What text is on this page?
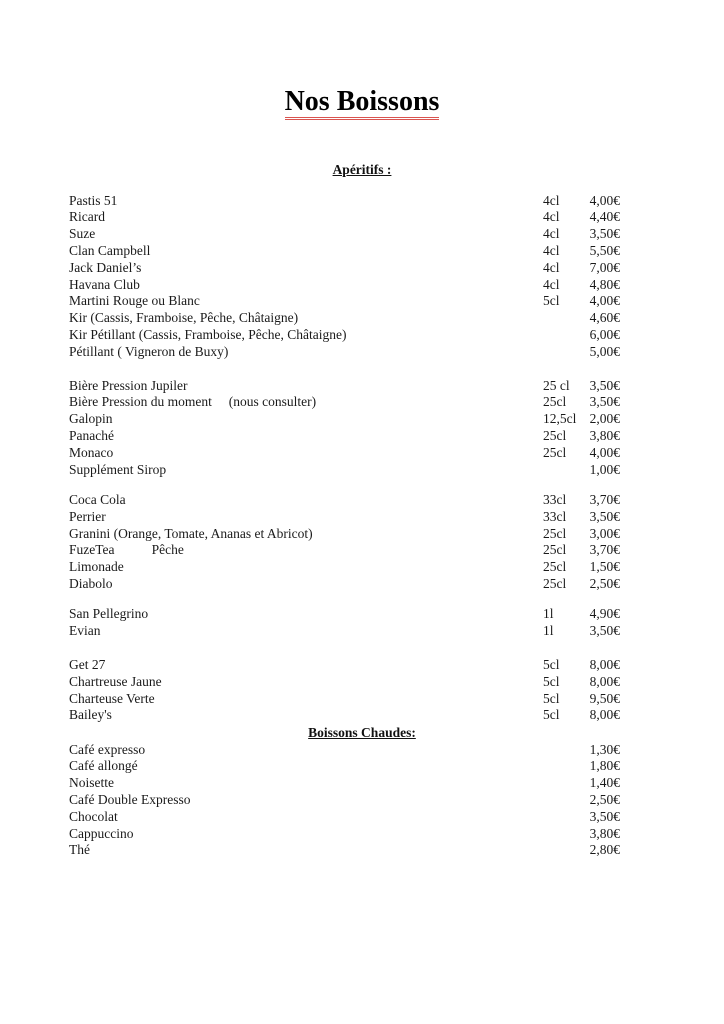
Nos Boissons
Apéritifs :
Boissons Chaudes:
Pastis 51	4cl 4,00€
Ricard	4cl 4,40€
Suze	4cl 3,50€
Clan Campbell	4cl 5,50€
Jack Daniel’s	4cl 7,00€
Havana Club	4cl 4,80€
Martini Rouge ou Blanc	5cl 4,00€
Kir (Cassis, Framboise, Pêche, Châtaigne)	4,60€
Kir Pétillant (Cassis, Framboise, Pêche, Châtaigne)	6,00€
Pétillant ( Vigneron de Buxy)	5,00€
Bière Pression Jupiler	25 cl 3,50€
Bière Pression du moment     (nous consulter)	25cl 3,50€
Galopin	12,5cl 2,00€
Panaché	25cl 3,80€
Monaco	25cl 4,00€
Supplément Sirop	1,00€
Coca Cola	33cl 3,70€
Perrier	33cl 3,50€
Granini (Orange, Tomate, Ananas et Abricot)	25cl 3,00€
FuzeTea           Pêche	25cl 3,70€
Limonade	25cl 1,50€
Diabolo	25cl 2,50€
San Pellegrino	1l	4,90€
Evian	1l	3,50€
Get 27	5cl 8,00€
Chartreuse Jaune	5cl 8,00€
Charteuse Verte	5cl 9,50€
Bailey's	5cl 8,00€
Café expresso	1,30€
Café allongé	1,80€
Noisette	1,40€
Café Double Expresso	2,50€
Chocolat	3,50€
Cappuccino	3,80€
Thé	2,80€
